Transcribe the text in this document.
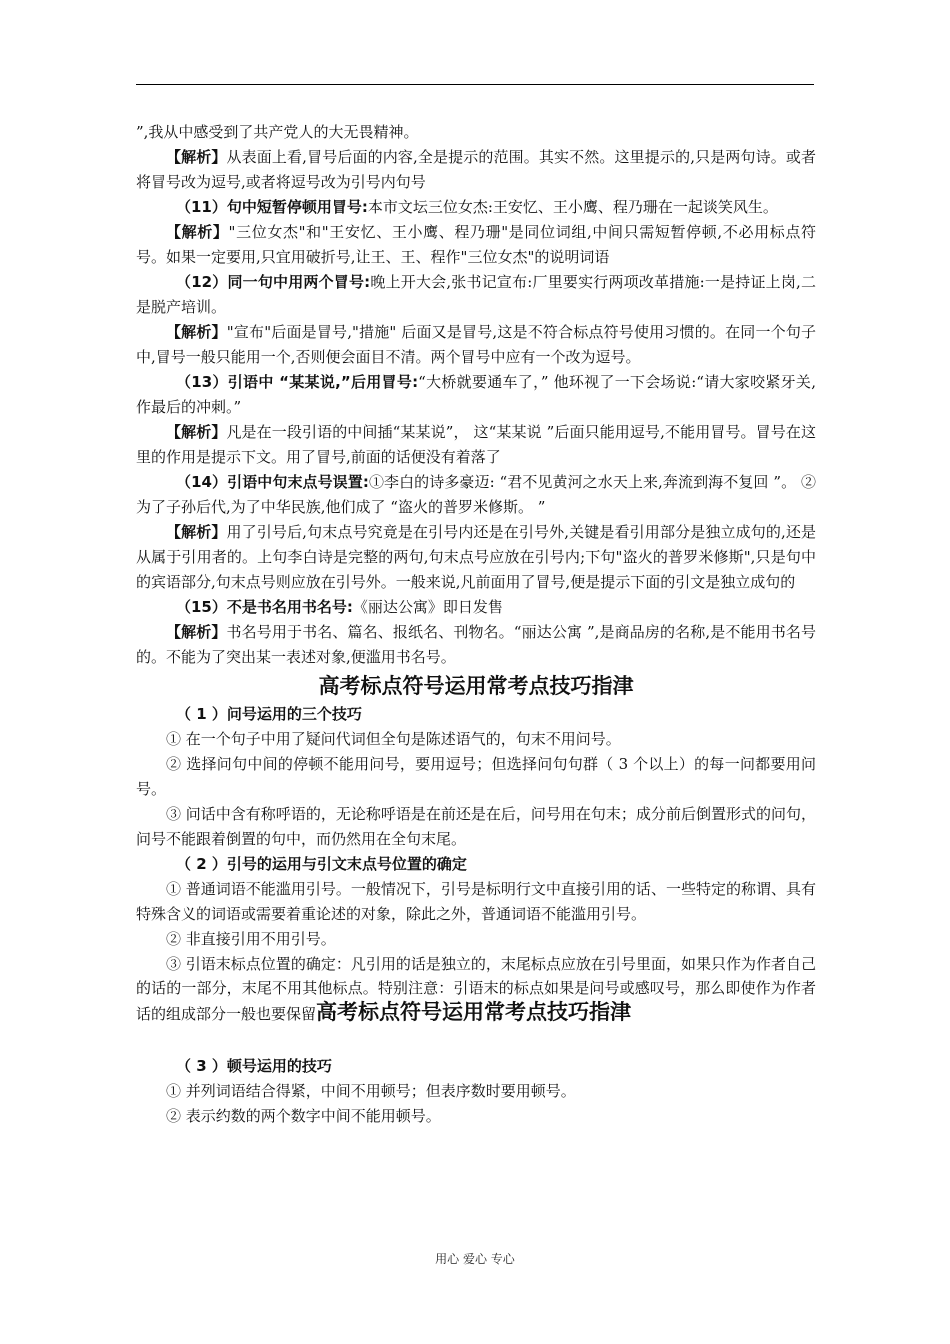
”,我从中感受到了共产党人的大无畏精神。

【解析】从表面上看,冒号后面的内容,全是提示的范围。其实不然。这里提示的,只是两句诗。或者将冒号改为逗号,或者将逗号改为引号内句号

（11）句中短暂停顿用冒号:本市文坛三位女杰:王安忆、王小鹰、程乃珊在一起谈笑风生。

【解析】"三位女杰"和"王安忆、王小鹰、程乃珊"是同位词组,中间只需短暂停顿,不必用标点符号。如果一定要用,只宜用破折号,让王、王、程作"三位女杰"的说明词语

（12）同一句中用两个冒号:晚上开大会,张书记宣布:厂里要实行两项改革措施:一是持证上岗,二是脱产培训。

【解析】"宣布"后面是冒号,"措施" 后面又是冒号,这是不符合标点符号使用习惯的。在同一个句子中,冒号一般只能用一个,否则便会面目不清。两个冒号中应有一个改为逗号。

（13）引语中 “某某说,”后用冒号:“大桥就要通车了，” 他环视了一下会场说:“请大家咬紧牙关,作最后的冲刺。”

【解析】凡是在一段引语的中间插“某某说”， 这“某某说 ”后面只能用逗号,不能用冒号。冒号在这里的作用是提示下文。用了冒号,前面的话便没有着落了

（14）引语中句末点号误置:①李白的诗多豪迈: “君不见黄河之水天上来,奔流到海不复回 ”。 ②为了子孙后代,为了中华民族,他们成了 “盗火的普罗米修斯。 ”

【解析】用了引号后,句末点号究竟是在引号内还是在引号外,关键是看引用部分是独立成句的,还是从属于引用者的。上句李白诗是完整的两句,句末点号应放在引号内;下句"盗火的普罗米修斯",只是句中的宾语部分,句末点号则应放在引号外。一般来说,凡前面用了冒号,便是提示下面的引文是独立成句的

（15）不是书名用书名号:《丽达公寓》即日发售

【解析】书名号用于书名、篇名、报纸名、刊物名。“丽达公寓 ”,是商品房的名称,是不能用书名号的。不能为了突出某一表述对象,便滥用书名号。

高考标点符号运用常考点技巧指津

（ 1 ）问号运用的三个技巧

① 在一个句子中用了疑问代词但全句是陈述语气的，句末不用问号。

② 选择问句中间的停顿不能用问号，要用逗号；但选择问句句群（ 3 个以上）的每一问都要用问号。

③ 问话中含有称呼语的，无论称呼语是在前还是在后，问号用在句末；成分前后倒置形式的问句，问号不能跟着倒置的句中，而仍然用在全句末尾。

（ 2 ）引号的运用与引文末点号位置的确定

① 普通词语不能滥用引号。一般情况下，引号是标明行文中直接引用的话、一些特定的称谓、具有特殊含义的词语或需要着重论述的对象，除此之外，普通词语不能滥用引号。

② 非直接引用不用引号。

③ 引语末标点位置的确定：凡引用的话是独立的，末尾标点应放在引号里面，如果只作为作者自己的话的一部分，末尾不用其他标点。特别注意：引语末的标点如果是问号或感叹号，那么即使作为作者话的组成部分一般也要保留高考标点符号运用常考点技巧指津

（ 3 ）顿号运用的技巧

① 并列词语结合得紧，中间不用顿号；但表序数时要用顿号。

② 表示约数的两个数字中间不能用顿号。

用心 爱心 专心
